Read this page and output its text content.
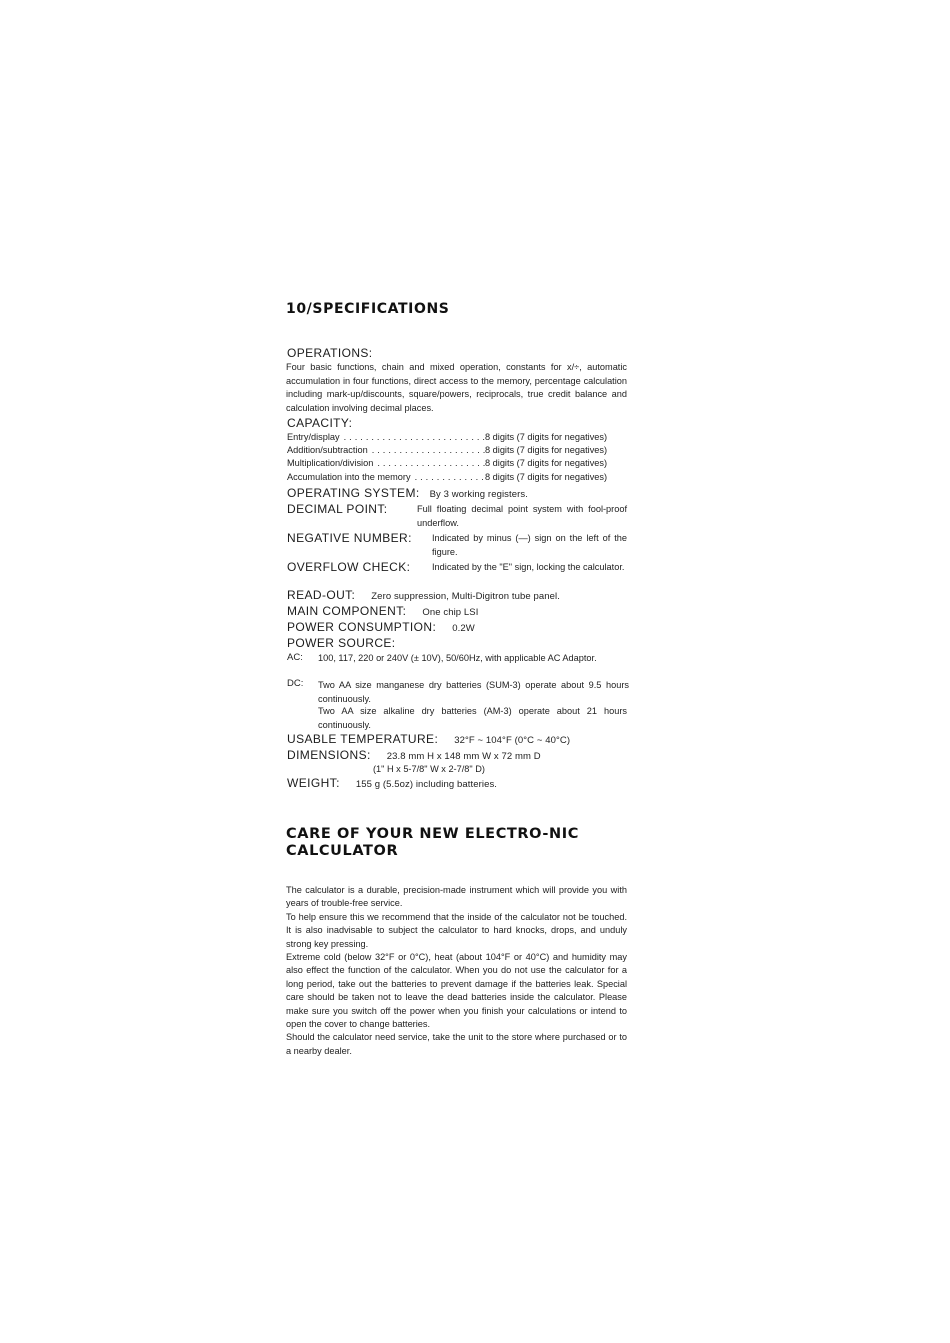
10/SPECIFICATIONS
OPERATIONS:
Four basic functions, chain and mixed operation, constants for x/÷, automatic accumulation in four functions, direct access to the memory, percentage calculation including mark-up/discounts, square/powers, reciprocals, true credit balance and calculation involving decimal places.
CAPACITY:
Entry/display .....	8 digits (7 digits for negatives)
Addition/subtraction .....	8 digits (7 digits for negatives)
Multiplication/division .....	8 digits (7 digits for negatives)
Accumulation into the memory .....	8 digits (7 digits for negatives)
OPERATING SYSTEM: By 3 working registers.
DECIMAL POINT:	Full floating decimal point system with fool-proof underflow.
NEGATIVE NUMBER: Indicated by minus (—) sign on the left of the figure.
OVERFLOW CHECK: Indicated by the "E" sign, locking the calculator.
READ-OUT: Zero suppression, Multi-Digitron tube panel.
MAIN COMPONENT: One chip LSI
POWER CONSUMPTION: 0.2W
POWER SOURCE:
AC: 100, 117, 220 or 240V (± 10V), 50/60Hz, with applicable AC Adaptor.
DC: Two AA size manganese dry batteries (SUM-3) operate about 9.5 hours continuously.
Two AA size alkaline dry batteries (AM-3) operate about 21 hours continuously.
USABLE TEMPERATURE: 32°F ~ 104°F (0°C ~ 40°C)
DIMENSIONS: 23.8 mm H x 148 mm W x 72 mm D
(1" H x 5-7/8" W x 2-7/8" D)
WEIGHT: 155 g (5.5oz) including batteries.
CARE OF YOUR NEW ELECTRO-NIC CALCULATOR

The calculator is a durable, precision-made instrument which will provide you with years of trouble-free service.

To help ensure this we recommend that the inside of the calculator not be touched. It is also inadvisable to subject the calculator to hard knocks, drops, and unduly strong key pressing.

Extreme cold (below 32°F or 0°C), heat (about 104°F or 40°C) and humidity may also effect the function of the calculator. When you do not use the calculator for a long period, take out the batteries to prevent damage if the batteries leak. Special care should be taken not to leave the dead batteries inside the calculator. Please make sure you switch off the power when you finish your calculations or intend to open the cover to change batteries.

Should the calculator need service, take the unit to the store where purchased or to a nearby dealer.
